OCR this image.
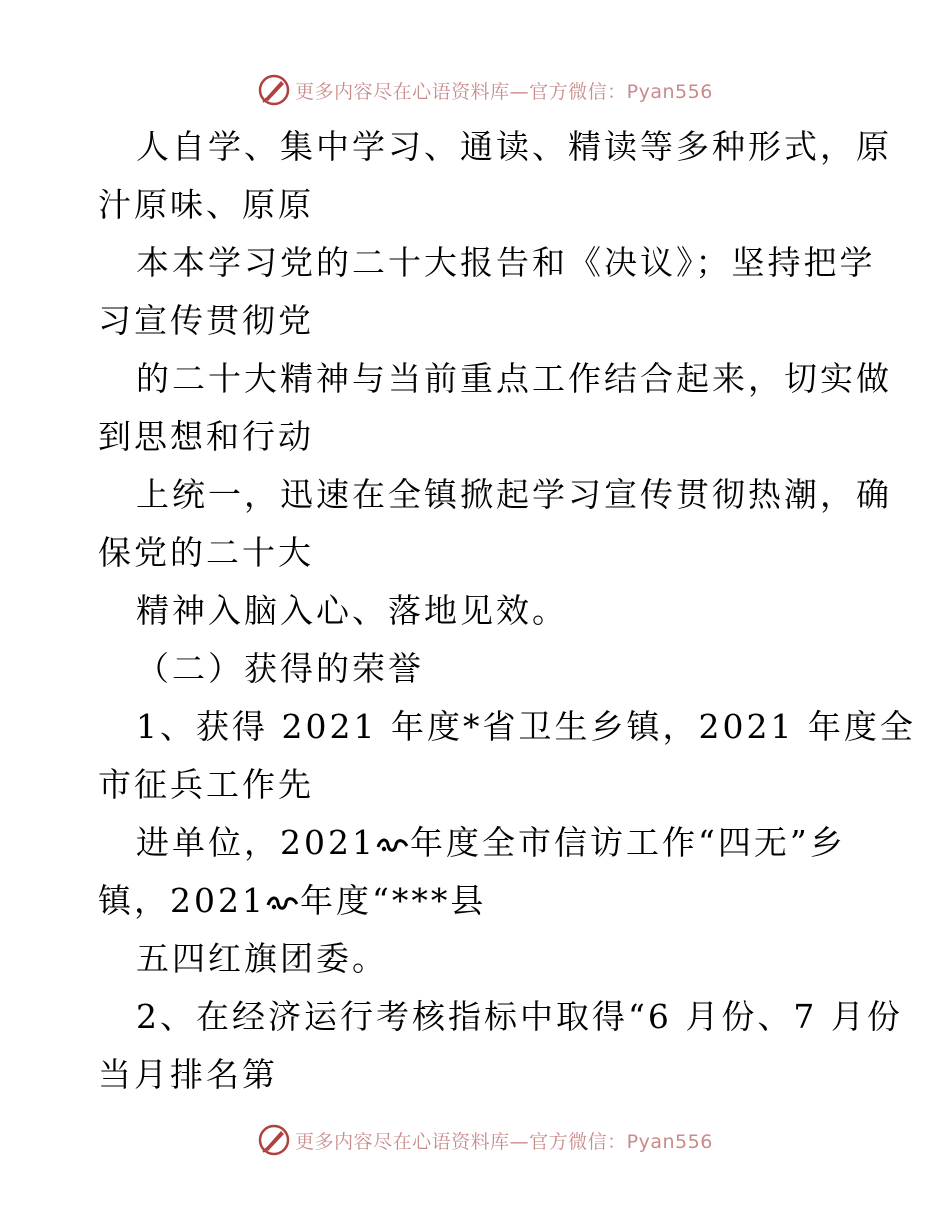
更多内容尽在心语资料库—官方微信：Pyan556
人自学、集中学习、通读、精读等多种形式，原
汁原味、原原
本本学习党的二十大报告和《决议》；坚持把学
习宣传贯彻党
的二十大精神与当前重点工作结合起来，切实做
到思想和行动
上统一，迅速在全镇掀起学习宣传贯彻热潮，确
保党的二十大
精神入脑入心、落地见效。
（二）获得的荣誉
1、获得 2021 年度*省卫生乡镇，2021 年度全
市征兵工作先
进单位，2021 年度全市信访工作“四无”乡
镇，2021 年度“***县
五四红旗团委。
2、在经济运行考核指标中取得“6 月份、7 月份
当月排名第
更多内容尽在心语资料库—官方微信：Pyan556
